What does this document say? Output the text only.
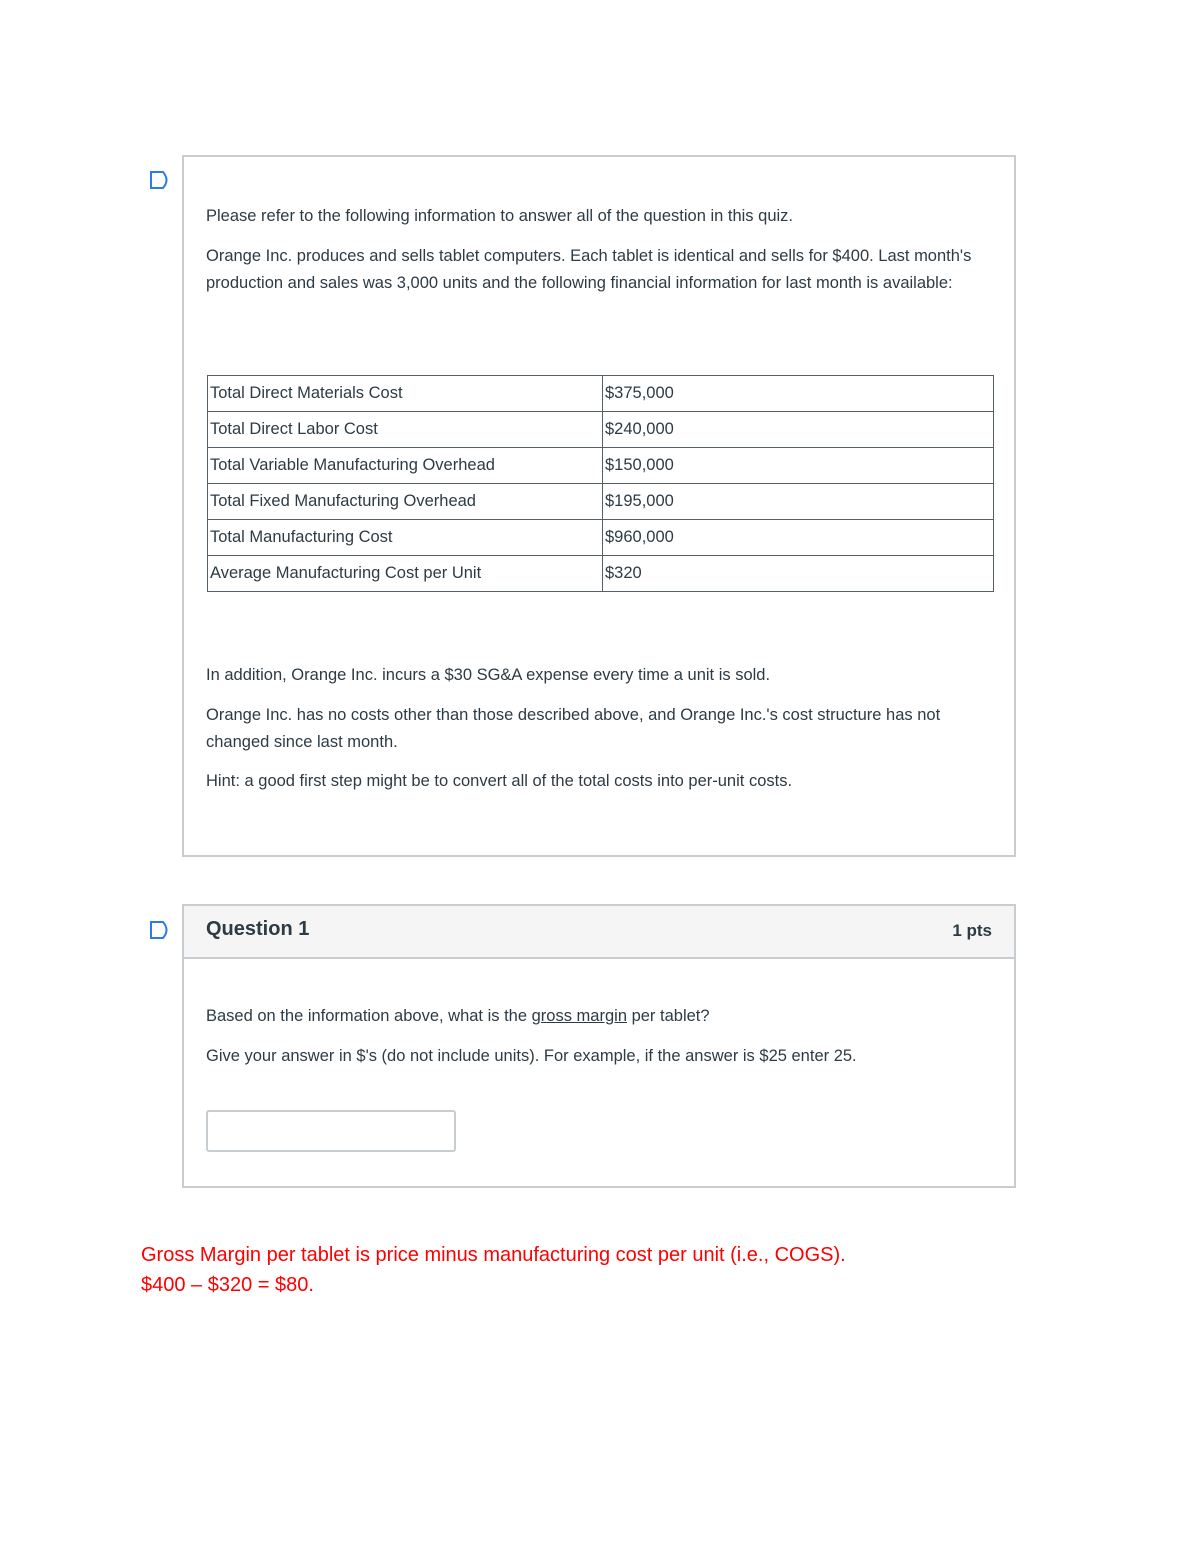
Please refer to the following information to answer all of the question in this quiz.

Orange Inc. produces and sells tablet computers. Each tablet is identical and sells for $400. Last month's production and sales was 3,000 units and the following financial information for last month is available:

Total Direct Materials Cost	$375,000
Total Direct Labor Cost	$240,000
Total Variable Manufacturing Overhead	$150,000
Total Fixed Manufacturing Overhead	$195,000
Total Manufacturing Cost	$960,000
Average Manufacturing Cost per Unit	$320

In addition, Orange Inc. incurs a $30 SG&A expense every time a unit is sold.

Orange Inc. has no costs other than those described above, and Orange Inc.'s cost structure has not changed since last month.

Hint: a good first step might be to convert all of the total costs into per-unit costs.

Question 1	1 pts

Based on the information above, what is the gross margin per tablet?

Give your answer in $'s (do not include units). For example, if the answer is $25 enter 25.

Gross Margin per tablet is price minus manufacturing cost per unit (i.e., COGS).
$400 – $320 = $80.
